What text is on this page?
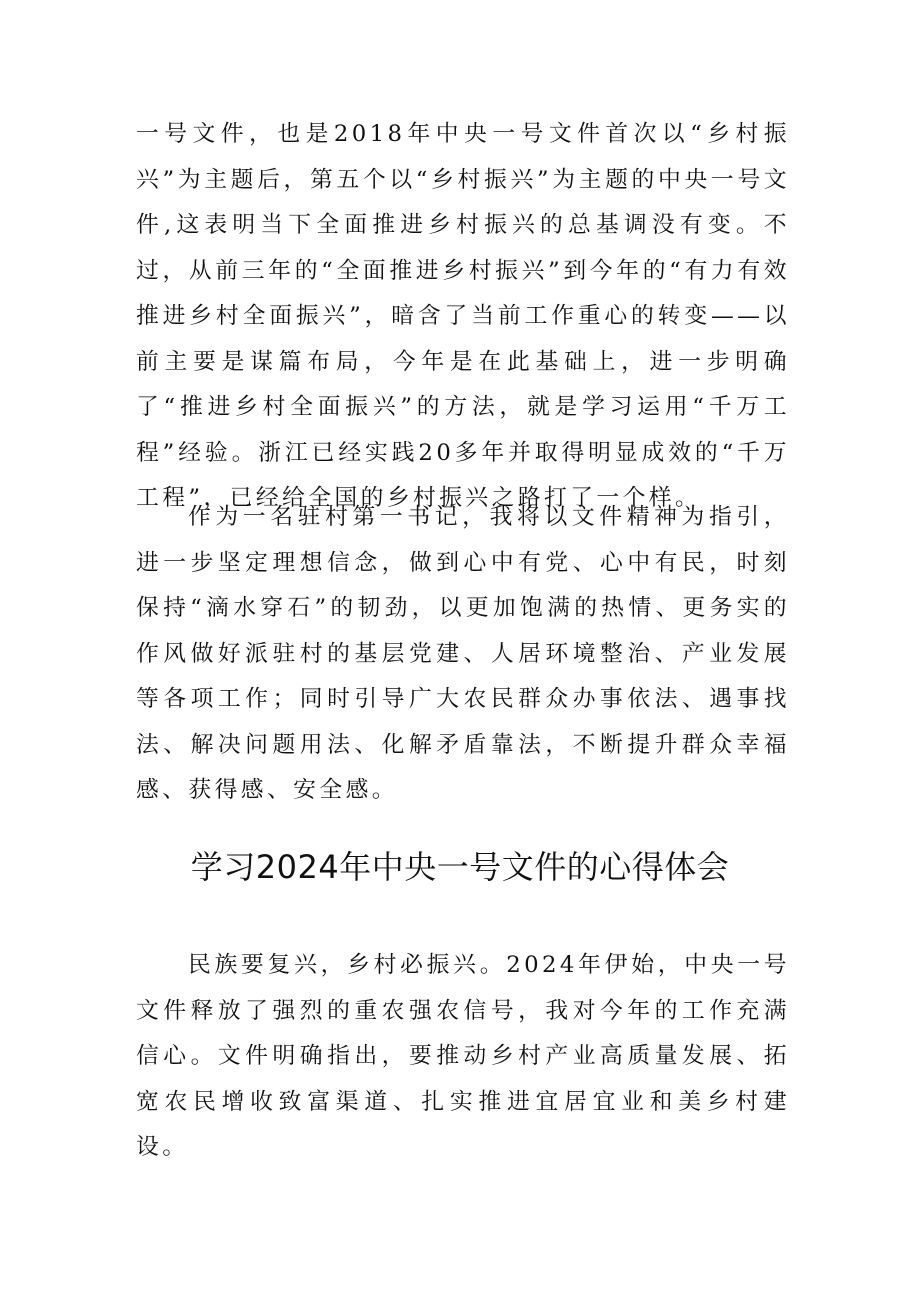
一号文件，也是2018年中央一号文件首次以“乡村振兴”为主题后，第五个以“乡村振兴”为主题的中央一号文件,这表明当下全面推进乡村振兴的总基调没有变。不过，从前三年的“全面推进乡村振兴”到今年的“有力有效推进乡村全面振兴”，暗含了当前工作重心的转变——以前主要是谋篇布局，今年是在此基础上，进一步明确了“推进乡村全面振兴”的方法，就是学习运用“千万工程”经验。浙江已经实践20多年并取得明显成效的“千万工程”，已经给全国的乡村振兴之路打了一个样。

作为一名驻村第一书记，我将以文件精神为指引，进一步坚定理想信念，做到心中有党、心中有民，时刻保持“滴水穿石”的韧劲，以更加饱满的热情、更务实的作风做好派驻村的基层党建、人居环境整治、产业发展等各项工作；同时引导广大农民群众办事依法、遇事找法、解决问题用法、化解矛盾靠法，不断提升群众幸福感、获得感、安全感。

学习2024年中央一号文件的心得体会

民族要复兴，乡村必振兴。2024年伊始，中央一号文件释放了强烈的重农强农信号，我对今年的工作充满信心。文件明确指出，要推动乡村产业高质量发展、拓宽农民增收致富渠道、扎实推进宜居宜业和美乡村建设。
